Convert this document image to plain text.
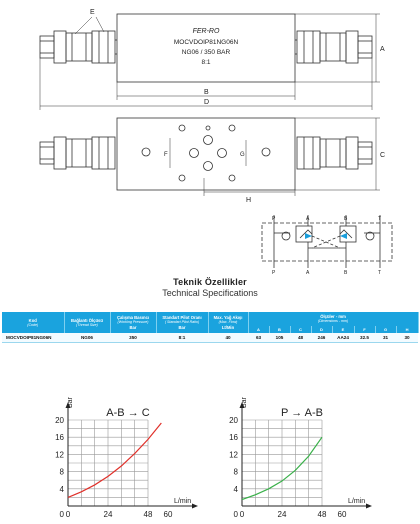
FER-RO
MOCVDOIP81NG06N
NG06 / 350 BAR
8:1
E
A
B
D
C
F	G
H
P	A	B	T
P	A	B	T
Teknik Özellikler
Technical Specifications
Kod
(Code)	Bağlantı Ölçüsü
(Thread Size)	Çalışma Basıncı
(Working Pressure)
Bar	Standart Pilot Oranı
( Standart Pilot Ratio)
Bar	Max. Yağ Akışı
(Max. Flow)
Lt/Min	Ölçüler - mm
(Dimensions - mm)							

					A	B	C	D	E	F	G	H
MOCVDOIP81NG06N	NG06	350	8:1	40	63	105	48	246	AA24	32.5	31	30
0	24	48 60
4
8
12
16
20
0
Bar
L/min
A-B → C
0	24	48 60
4
8
12
16
20
0
Bar
L/min
P → A-B
